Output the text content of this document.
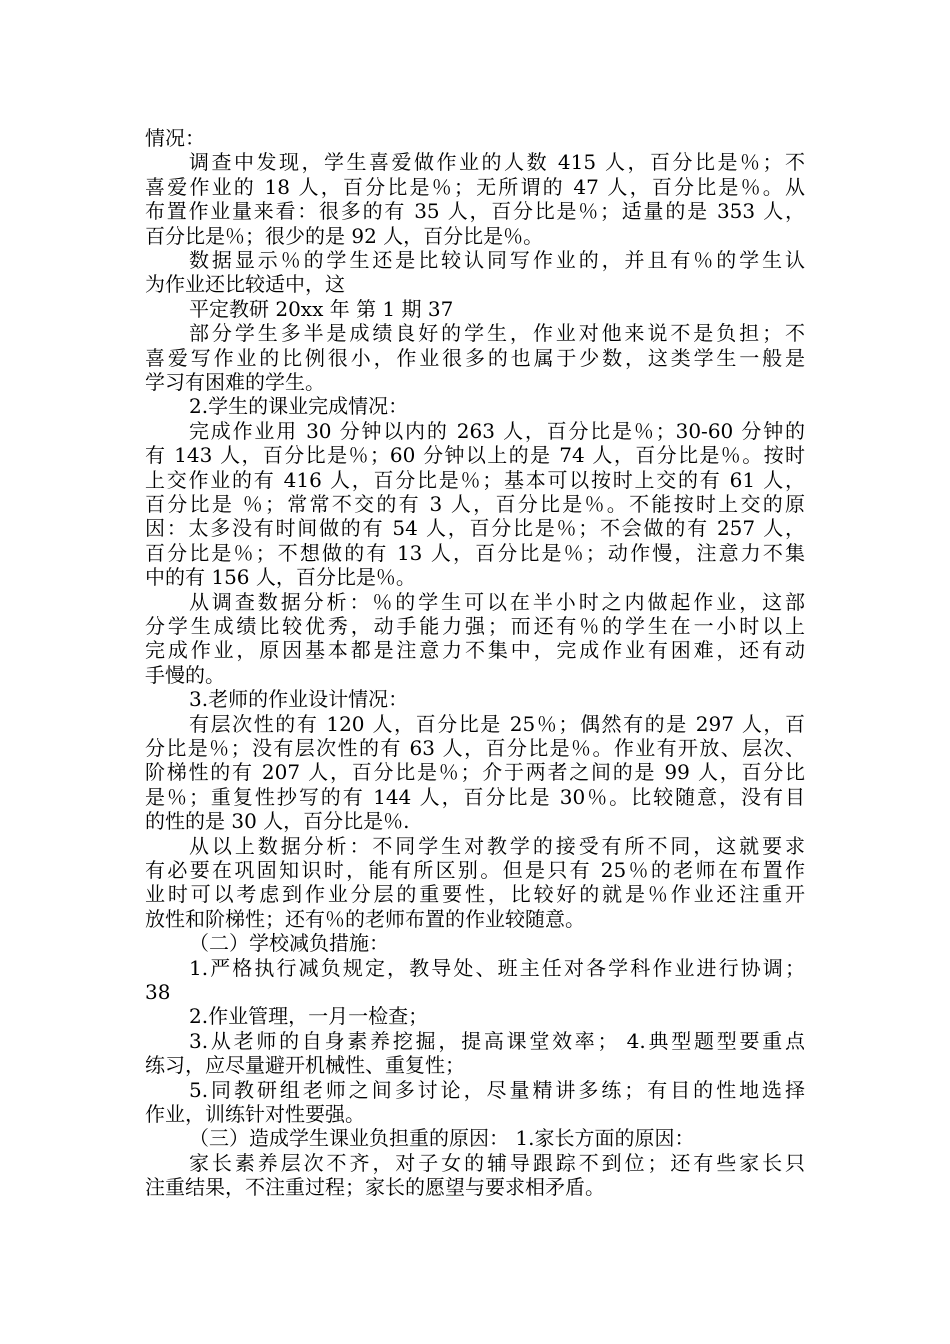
情况：
调查中发现，学生喜爱做作业的人数 415 人，百分比是％；不
喜爱作业的 18 人，百分比是％；无所谓的 47 人，百分比是％。从
布置作业量来看：很多的有 35 人，百分比是％；适量的是 353 人，
百分比是％；很少的是 92 人，百分比是％。
数据显示％的学生还是比较认同写作业的，并且有％的学生认
为作业还比较适中，这
平定教研 20xx 年 第 1 期 37
部分学生多半是成绩良好的学生，作业对他来说不是负担；不
喜爱写作业的比例很小，作业很多的也属于少数，这类学生一般是
学习有困难的学生。
2.学生的课业完成情况：
完成作业用 30 分钟以内的 263 人，百分比是％；30-60 分钟的
有 143 人，百分比是％；60 分钟以上的是 74 人，百分比是％。按时
上交作业的有 416 人，百分比是％；基本可以按时上交的有 61 人，
百分比是 ％；常常不交的有 3 人，百分比是％。不能按时上交的原
因：太多没有时间做的有 54 人，百分比是％；不会做的有 257 人，
百分比是％；不想做的有 13 人，百分比是％；动作慢，注意力不集
中的有 156 人，百分比是％。
从调查数据分析：％的学生可以在半小时之内做起作业，这部
分学生成绩比较优秀，动手能力强；而还有％的学生在一小时以上
完成作业，原因基本都是注意力不集中，完成作业有困难，还有动
手慢的。
3.老师的作业设计情况：
有层次性的有 120 人，百分比是 25％；偶然有的是 297 人，百
分比是％；没有层次性的有 63 人，百分比是％。作业有开放、层次、
阶梯性的有 207 人，百分比是％；介于两者之间的是 99 人，百分比
是％；重复性抄写的有 144 人，百分比是 30％。比较随意，没有目
的性的是 30 人，百分比是％.
从以上数据分析：不同学生对教学的接受有所不同，这就要求
有必要在巩固知识时，能有所区别。但是只有 25％的老师在布置作
业时可以考虑到作业分层的重要性，比较好的就是％作业还注重开
放性和阶梯性；还有％的老师布置的作业较随意。
（二）学校减负措施：
1.严格执行减负规定，教导处、班主任对各学科作业进行协调；
38
2.作业管理，一月一检查；
3.从老师的自身素养挖掘，提高课堂效率； 4.典型题型要重点
练习，应尽量避开机械性、重复性；
5.同教研组老师之间多讨论，尽量精讲多练；有目的性地选择
作业，训练针对性要强。
（三）造成学生课业负担重的原因： 1.家长方面的原因：
家长素养层次不齐，对子女的辅导跟踪不到位；还有些家长只
注重结果，不注重过程；家长的愿望与要求相矛盾。
